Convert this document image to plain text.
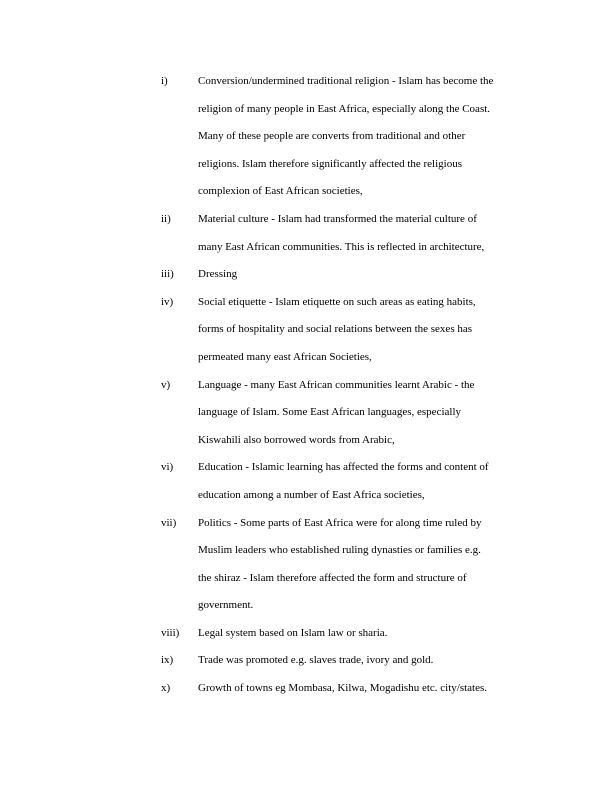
i)	Conversion/undermined traditional religion - Islam has become the
religion of many people in East Africa, especially along the Coast.
Many of these people are converts from traditional and other
religions. Islam therefore significantly affected the religious
complexion of East African societies,
ii)	Material culture - Islam had transformed the material culture of
many East African communities. This is reflected in architecture,
iii)	Dressing
iv)	Social etiquette - Islam etiquette on such areas as eating habits,
forms of hospitality and social relations between the sexes has
permeated many east African Societies,
v)	Language - many East African communities learnt Arabic - the
language of Islam. Some East African languages, especially
Kiswahili also borrowed words from Arabic,
vi)	Education - Islamic learning has affected the forms and content of
education among a number of East Africa societies,
vii)	Politics - Some parts of East Africa were for along time ruled by
Muslim leaders who established ruling dynasties or families e.g.
the shiraz - Islam therefore affected the form and structure of
government.
viii)	Legal system based on Islam law or sharia.
ix)	Trade was promoted e.g. slaves trade, ivory and gold.
x)	Growth of towns eg Mombasa, Kilwa, Mogadishu etc. city/states.
